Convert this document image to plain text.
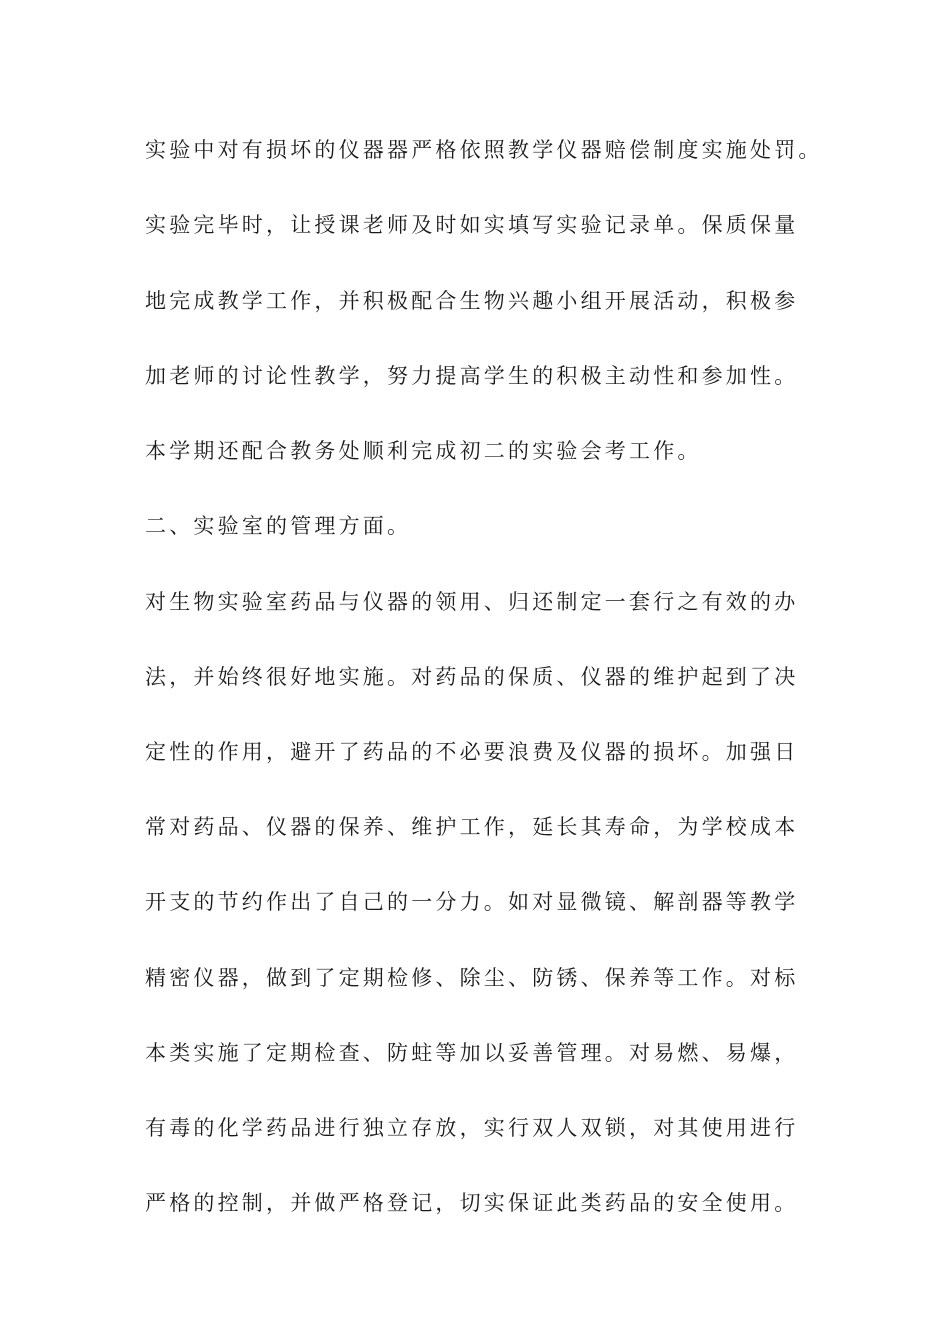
实验中对有损坏的仪器器严格依照教学仪器赔偿制度实施处罚。
实验完毕时，让授课老师及时如实填写实验记录单。保质保量
地完成教学工作，并积极配合生物兴趣小组开展活动，积极参
加老师的讨论性教学，努力提高学生的积极主动性和参加性。
本学期还配合教务处顺利完成初二的实验会考工作。
二、实验室的管理方面。
对生物实验室药品与仪器的领用、归还制定一套行之有效的办
法，并始终很好地实施。对药品的保质、仪器的维护起到了决
定性的作用，避开了药品的不必要浪费及仪器的损坏。加强日
常对药品、仪器的保养、维护工作，延长其寿命，为学校成本
开支的节约作出了自己的一分力。如对显微镜、解剖器等教学
精密仪器，做到了定期检修、除尘、防锈、保养等工作。对标
本类实施了定期检查、防蛀等加以妥善管理。对易燃、易爆，
有毒的化学药品进行独立存放，实行双人双锁，对其使用进行
严格的控制，并做严格登记，切实保证此类药品的安全使用。
